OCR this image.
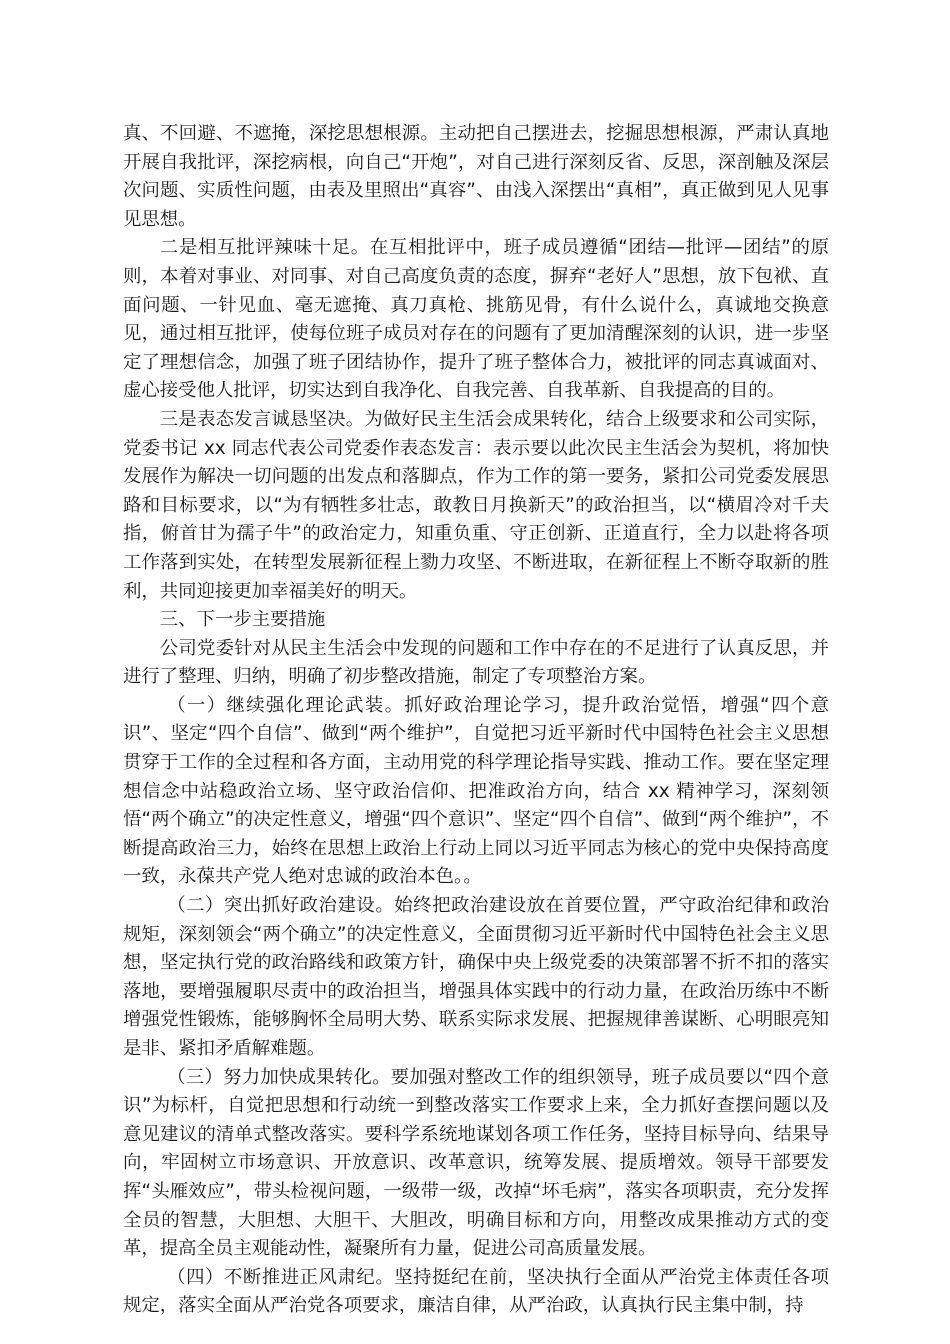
真、不回避、不遮掩，深挖思想根源。主动把自己摆进去，挖掘思想根源，严肃认真地开展自我批评，深挖病根，向自己“开炮”，对自己进行深刻反省、反思，深剖触及深层次问题、实质性问题，由表及里照出“真容”、由浅入深摆出“真相”，真正做到见人见事见思想。

二是相互批评辣味十足。在互相批评中，班子成员遵循“团结—批评—团结”的原则，本着对事业、对同事、对自己高度负责的态度，摒弃“老好人”思想，放下包袱、直面问题、一针见血、毫无遮掩、真刀真枪、挑筋见骨，有什么说什么，真诚地交换意见，通过相互批评，使每位班子成员对存在的问题有了更加清醒深刻的认识，进一步坚定了理想信念，加强了班子团结协作，提升了班子整体合力，被批评的同志真诚面对、虚心接受他人批评，切实达到自我净化、自我完善、自我革新、自我提高的目的。

三是表态发言诚恳坚决。为做好民主生活会成果转化，结合上级要求和公司实际，党委书记 xx 同志代表公司党委作表态发言：表示要以此次民主生活会为契机，将加快发展作为解决一切问题的出发点和落脚点，作为工作的第一要务，紧扣公司党委发展思路和目标要求，以“为有牺牲多壮志，敢教日月换新天”的政治担当，以“横眉冷对千夫指，俯首甘为孺子牛”的政治定力，知重负重、守正创新、正道直行，全力以赴将各项工作落到实处，在转型发展新征程上勠力攻坚、不断进取，在新征程上不断夺取新的胜利，共同迎接更加幸福美好的明天。

三、下一步主要措施

公司党委针对从民主生活会中发现的问题和工作中存在的不足进行了认真反思，并进行了整理、归纳，明确了初步整改措施，制定了专项整治方案。

（一）继续强化理论武装。抓好政治理论学习，提升政治觉悟，增强“四个意识”、坚定“四个自信”、做到“两个维护”，自觉把习近平新时代中国特色社会主义思想贯穿于工作的全过程和各方面，主动用党的科学理论指导实践、推动工作。要在坚定理想信念中站稳政治立场、坚守政治信仰、把准政治方向，结合 xx 精神学习，深刻领悟“两个确立”的决定性意义，增强“四个意识”、坚定“四个自信”、做到“两个维护”，不断提高政治三力，始终在思想上政治上行动上同以习近平同志为核心的党中央保持高度一致，永葆共产党人绝对忠诚的政治本色。。

（二）突出抓好政治建设。始终把政治建设放在首要位置，严守政治纪律和政治规矩，深刻领会“两个确立”的决定性意义，全面贯彻习近平新时代中国特色社会主义思想，坚定执行党的政治路线和政策方针，确保中央上级党委的决策部署不折不扣的落实落地，要增强履职尽责中的政治担当，增强具体实践中的行动力量，在政治历练中不断增强党性锻炼，能够胸怀全局明大势、联系实际求发展、把握规律善谋断、心明眼亮知是非、紧扣矛盾解难题。

（三）努力加快成果转化。要加强对整改工作的组织领导，班子成员要以“四个意识”为标杆，自觉把思想和行动统一到整改落实工作要求上来，全力抓好查摆问题以及意见建议的清单式整改落实。要科学系统地谋划各项工作任务，坚持目标导向、结果导向，牢固树立市场意识、开放意识、改革意识，统筹发展、提质增效。领导干部要发挥“头雁效应”，带头检视问题，一级带一级，改掉“坏毛病”，落实各项职责，充分发挥全员的智慧，大胆想、大胆干、大胆改，明确目标和方向，用整改成果推动方式的变革，提高全员主观能动性，凝聚所有力量，促进公司高质量发展。

（四）不断推进正风肃纪。坚持挺纪在前，坚决执行全面从严治党主体责任各项规定，落实全面从严治党各项要求，廉洁自律，从严治政，认真执行民主集中制，持
